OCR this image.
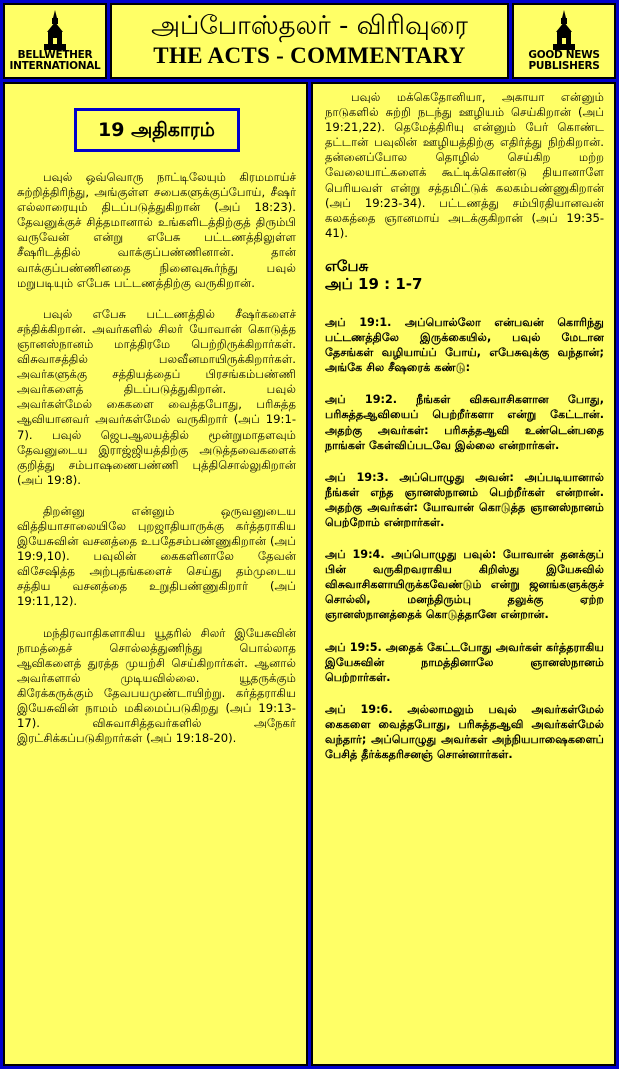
BELLWETHER
INTERNATIONAL
அப்போஸ்தலர் - விரிவுரை
THE ACTS - COMMENTARY	GOOD NEWS
PUBLISHERS
19 அதிகாரம்

பவுல் ஒவ்வொரு நாட்டிலேயும் கிரமமாய்ச் சுற்றித்திரிந்து, அங்குள்ள சபைகளுக்குப்போய், சீஷர் எல்லாரையும் திடப்படுத்துகிறான் (அப் 18:23). தேவனுக்குச் சித்தமானால் உங்களிடத்திற்குத் திரும்பி வருவேன் என்று எபேசு பட்டணத்திலுள்ள சீஷரிடத்தில் வாக்குப்பண்ணினான். தான் வாக்குப்பண்ணினதை நினைவுகூர்ந்து பவுல் மறுபடியும் எபேசு பட்டணத்திற்கு வருகிறான்.

பவுல் எபேசு பட்டணத்தில் சீஷர்களைச் சந்திக்கிறான். அவர்களில் சிலர் யோவான் கொடுத்த ஞானஸ்நானம் மாத்திரமே பெற்றிருக்கிறார்கள். விசுவாசத்தில் பலவீனமாயிருக்கிறார்கள். அவர்களுக்கு சத்தியத்தைப் பிரசங்கம்பண்ணி அவர்களைத் திடப்படுத்துகிறான். பவுல் அவர்கள்மேல் கைகளை வைத்தபோது, பரிசுத்த ஆவியானவர் அவர்கள்மேல் வருகிறார் (அப் 19:1-7). பவுல் ஜெபஆலயத்தில் மூன்றுமாதளவும் தேவனுடைய இராஜ்ஜியத்திற்கு அடுத்தவைகளைக் குறித்து சம்பாஷணைபண்ணி புத்திசொல்லுகிறான் (அப் 19:8).

திறன்னு என்னும் ஒருவனுடைய வித்தியாசாலையிலே புறஜாதியாருக்கு கர்த்தராகிய இயேசுவின் வசனத்தை உபதேசம்பண்ணுகிறான் (அப் 19:9,10). பவுலின் கைகளினாலே தேவன் விசேஷித்த அற்புதங்களைச் செய்து தம்முடைய சத்திய வசனத்தை உறுதிபண்ணுகிறார் (அப் 19:11,12).

மந்திரவாதிகளாகிய யூதரில் சிலர் இயேசுவின் நாமத்தைச் சொல்லத்துணிந்து பொல்லாத ஆவிகளைத் துரத்த முயற்சி செய்கிறார்கள். ஆனால் அவர்களால் முடியவில்லை. யூதருக்கும் கிரேக்கருக்கும் தேவபயமுண்டாயிற்று. கர்த்தராகிய இயேசுவின் நாமம் மகிமைப்படுகிறது (அப் 19:13-17). விசுவாசித்தவர்களில் அநேகர் இரட்சிக்கப்படுகிறார்கள் (அப் 19:18-20).

பவுல் மக்கெதோனியா, அகாயா என்னும் நாடுகளில் சுற்றி நடந்து ஊழியம் செய்கிறான் (அப் 19:21,22). தெமேத்திரியு என்னும் பேர் கொண்ட தட்டான் பவுலின் ஊழியத்திற்கு எதிர்த்து நிற்கிறான். தன்னைப்போல தொழில் செய்கிற மற்ற வேலையாட்களைக் கூட்டிக்கொண்டு தியானாளே பெரியவள் என்று சத்தமிட்டுக் கலகம்பண்ணுகிறான் (அப் 19:23-34). பட்டணத்து சம்பிரதியானவன் கலகத்தை ஞானமாய் அடக்குகிறான் (அப் 19:35-41).

எபேசு
அப் 19 : 1-7
அப் 19:1. அப்பொல்லோ என்பவன் கொரிந்து பட்டணத்திலே இருக்கையில், பவுல் மேடான தேசங்கள் வழியாய்ப் போய், எபேசுவுக்கு வந்தான்; அங்கே சில சீஷரைக் கண்டு:
அப் 19:2. நீங்கள் விசுவாசிகளான போது, பரிசுத்தஆவியைப் பெற்றீர்களா என்று கேட்டான். அதற்கு அவர்கள்: பரிசுத்தஆவி உண்டென்பதை நாங்கள் கேள்விப்படவே இல்லை என்றார்கள்.
அப் 19:3. அப்பொழுது அவன்: அப்படியானால் நீங்கள் எந்த ஞானஸ்நானம் பெற்றீர்கள் என்றான். அதற்கு அவர்கள்: யோவான் கொடுத்த ஞானஸ்நானம் பெற்றோம் என்றார்கள்.
அப் 19:4. அப்பொழுது பவுல்: யோவான் தனக்குப் பின் வருகிறவராகிய கிறிஸ்து இயேசுவில் விசுவாசிகளாயிருக்கவேண்டும் என்று ஜனங்களுக்குச் சொல்லி, மனந்திரும்பு தலுக்கு ஏற்ற ஞானஸ்நானத்தைக் கொடுத்தானே என்றான்.
அப் 19:5. அதைக் கேட்டபோது அவர்கள் கர்த்தராகிய இயேசுவின் நாமத்தினாலே ஞானஸ்நானம் பெற்றார்கள்.
அப் 19:6. அல்லாமலும் பவுல் அவர்கள்மேல் கைகளை வைத்தபோது, பரிசுத்தஆவி அவர்கள்மேல் வந்தார்; அப்பொழுது அவர்கள் அந்நியபாஷைகளைப் பேசித் தீர்க்கதரிசனஞ் சொன்னார்கள்.
